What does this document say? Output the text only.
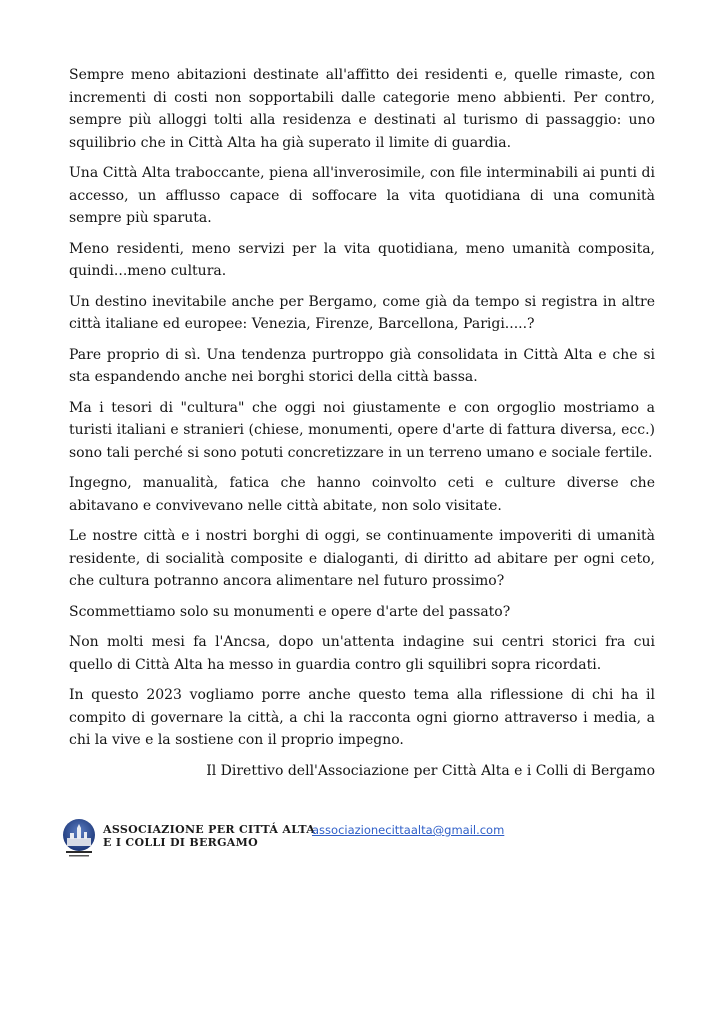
Sempre meno abitazioni destinate all'affitto dei residenti e, quelle rimaste, con incrementi di costi non sopportabili dalle categorie meno abbienti. Per contro, sempre più alloggi tolti alla residenza e destinati al turismo di passaggio: uno squilibrio che in Città Alta ha già superato il limite di guardia.

Una Città Alta traboccante, piena all'inverosimile, con file interminabili ai punti di accesso, un afflusso capace di soffocare la vita quotidiana di una comunità sempre più sparuta.

Meno residenti, meno servizi per la vita quotidiana, meno umanità composita, quindi...meno cultura.

Un destino inevitabile anche per Bergamo, come già da tempo si registra in altre città italiane ed europee: Venezia, Firenze, Barcellona, Parigi.....?

Pare proprio di sì. Una tendenza purtroppo già consolidata in Città Alta e che si sta espandendo anche nei borghi storici della città bassa.

Ma i tesori di "cultura" che oggi noi giustamente e con orgoglio mostriamo a turisti italiani e stranieri (chiese, monumenti, opere d'arte di fattura diversa, ecc.) sono tali perché si sono potuti concretizzare in un terreno umano e sociale fertile.

Ingegno, manualità, fatica che hanno coinvolto ceti e culture diverse che abitavano e convivevano nelle città abitate, non solo visitate.

Le nostre città e i nostri borghi di oggi, se continuamente impoveriti di umanità residente, di socialità composite e dialoganti, di diritto ad abitare per ogni ceto, che cultura potranno ancora alimentare nel futuro prossimo?

Scommettiamo solo su monumenti e opere d'arte del passato?

Non molti mesi fa l'Ancsa, dopo un'attenta indagine sui centri storici fra cui quello di Città Alta ha messo in guardia contro gli squilibri sopra ricordati.

In questo 2023 vogliamo porre anche questo tema alla riflessione di chi ha il compito di governare la città, a chi la racconta ogni giorno attraverso i media, a chi la vive e la sostiene con il proprio impegno.

Il Direttivo dell'Associazione per Città Alta e i Colli di Bergamo

ASSOCIAZIONE PER CITTÁ ALTA
E I COLLI DI BERGAMO
associazionecittaalta@gmail.com
